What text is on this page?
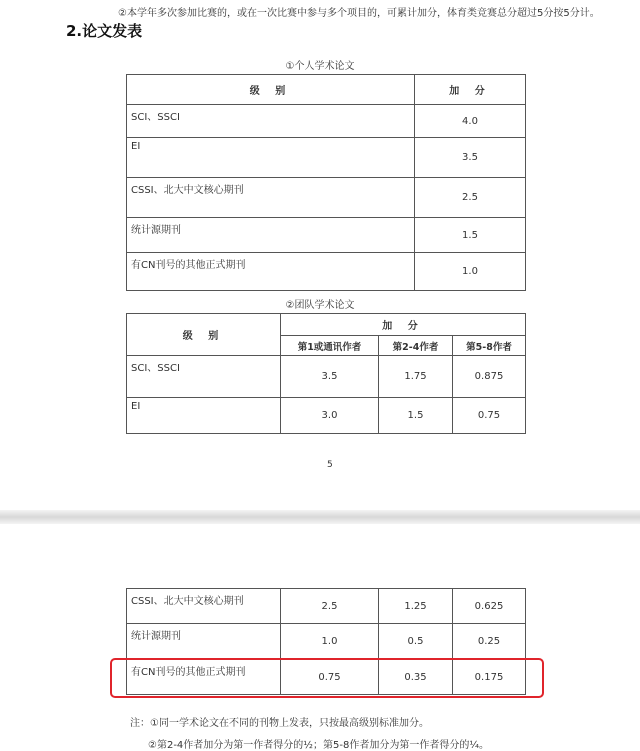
②本学年多次参加比赛的，或在一次比赛中参与多个项目的，可累计加分，体育类竞赛总分超过5分按5分计。
2.论文发表
①个人学术论文
级 别	加 分
SCI、SSCI	4.0
EI	3.5
CSSI、北大中文核心期刊	2.5
统计源期刊	1.5
有CN刊号的其他正式期刊	1.0
②团队学术论文
级 别	加 分		
	第1或通讯作者	第2-4作者	第5-8作者
SCI、SSCI	3.5	1.75	0.875
EI	3.0	1.5	0.75
5
CSSI、北大中文核心期刊	2.5	1.25	0.625
统计源期刊	1.0	0.5	0.25
有CN刊号的其他正式期刊	0.75	0.35	0.175
注：①同一学术论文在不同的刊物上发表，只按最高级别标准加分。
②第2-4作者加分为第一作者得分的½；第5-8作者加分为第一作者得分的¼。
